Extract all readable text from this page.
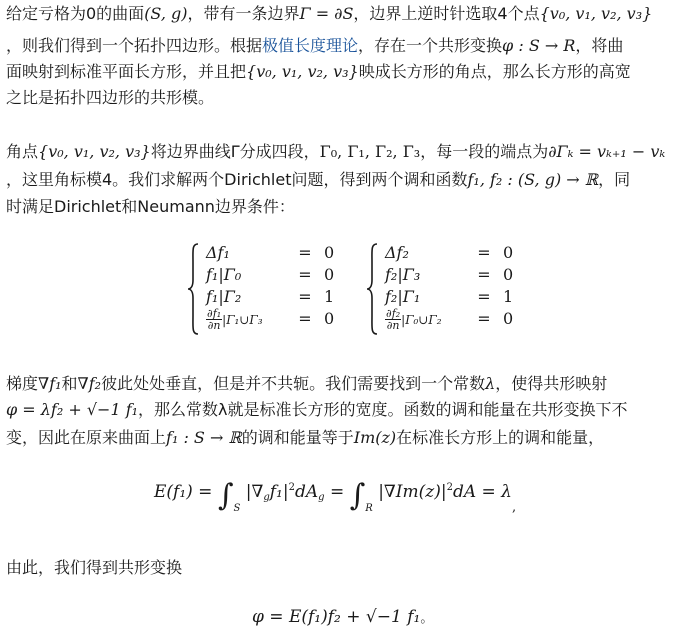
给定亏格为0的曲面(S, g)，带有一条边界Γ = ∂S，边界上逆时针选取4个点{v₀, v₁, v₂, v₃}
，则我们得到一个拓扑四边形。根据极值长度理论，存在一个共形变换φ : S → R，将曲
面映射到标准平面长方形，并且把{v₀, v₁, v₂, v₃}映成长方形的角点，那么长方形的高宽
之比是拓扑四边形的共形模。
角点{v₀, v₁, v₂, v₃}将边界曲线Γ分成四段，Γ₀, Γ₁, Γ₂, Γ₃，每一段的端点为∂Γₖ = vₖ₊₁ − vₖ
，这里角标模4。我们求解两个Dirichlet问题，得到两个调和函数f₁, f₂ : (S, g) → ℝ，同
时满足Dirichlet和Neumann边界条件：
Δf₁	= 0
f₁|Γ₀	= 0
f₁|Γ₂	= 1
$\frac{\text{∂f₁}}{\partial n}$ |Γ₁∪Γ₃	= 0
Δf₂	= 0
f₂|Γ₃	= 0
f₂|Γ₁	= 1
$\frac{\text{∂f₂}}{\partial n}$ |Γ₀∪Γ₂	= 0
梯度∇f₁和∇f₂彼此处处垂直，但是并不共轭。我们需要找到一个常数λ，使得共形映射
φ = λf₂ + √−1 f₁，那么常数λ就是标准长方形的宽度。函数的调和能量在共形变换下不
变，因此在原来曲面上f₁ : S → ℝ的调和能量等于Im(z)在标准长方形上的调和能量，
$E(f_1) = \int_S$ $|\nabla_gf_1|^2dA_g = \int_R$ $|\nabla Im(z)|^2dA = \lambda_,$
由此，我们得到共形变换
φ = E(f₁)f₂ + √−1 f₁。
